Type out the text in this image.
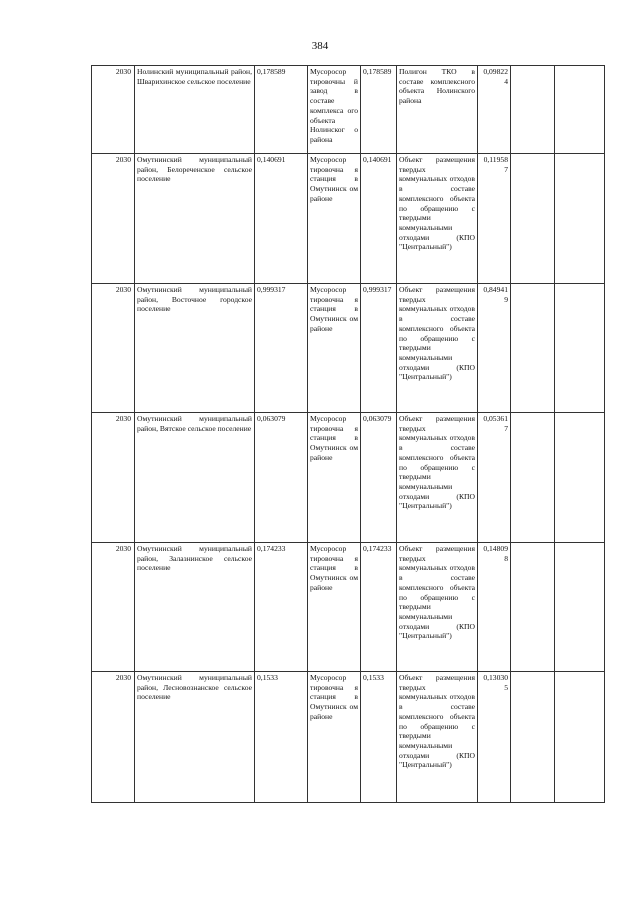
384
2030	Нолинский муниципальный район, Шварихинское сельское поселение	0,178589	Мусоросор тировочны й завод в составе комплекса ого объекта Нолинског о района	0,178589	Полигон ТКО в составе комплексного объекта Нолинского района	0,098224		
2030	Омутнинский муниципальный район, Белореченское сельское поселение	0,140691	Мусоросор тировочна я станция в Омутнинск ом районе	0,140691	Объект размещения твердых коммунальных отходов в составе комплексного объекта по обращению с твердыми коммунальными отходами (КПО "Центральный")	0,119587		
2030	Омутнинский муниципальный район, Восточное городское поселение	0,999317	Мусоросор тировочна я станция в Омутнинск ом районе	0,999317	Объект размещения твердых коммунальных отходов в составе комплексного объекта по обращению с твердыми коммунальными отходами (КПО "Центральный")	0,849419		
2030	Омутнинский муниципальный район, Вятское сельское поселение	0,063079	Мусоросор тировочна я станция в Омутнинск ом районе	0,063079	Объект размещения твердых коммунальных отходов в составе комплексного объекта по обращению с твердыми коммунальными отходами (КПО "Центральный")	0,053617		
2030	Омутнинский муниципальный район, Залазнинское сельское поселение	0,174233	Мусоросор тировочна я станция в Омутнинск ом районе	0,174233	Объект размещения твердых коммунальных отходов в составе комплексного объекта по обращению с твердыми коммунальными отходами (КПО "Центральный")	0,148098		
2030	Омутнинский муниципальный район, Лесновознанское сельское поселение	0,1533	Мусоросор тировочна я станция в Омутнинск ом районе	0,1533	Объект размещения твердых коммунальных отходов в составе комплексного объекта по обращению с твердыми коммунальными отходами (КПО "Центральный")	0,130305		
